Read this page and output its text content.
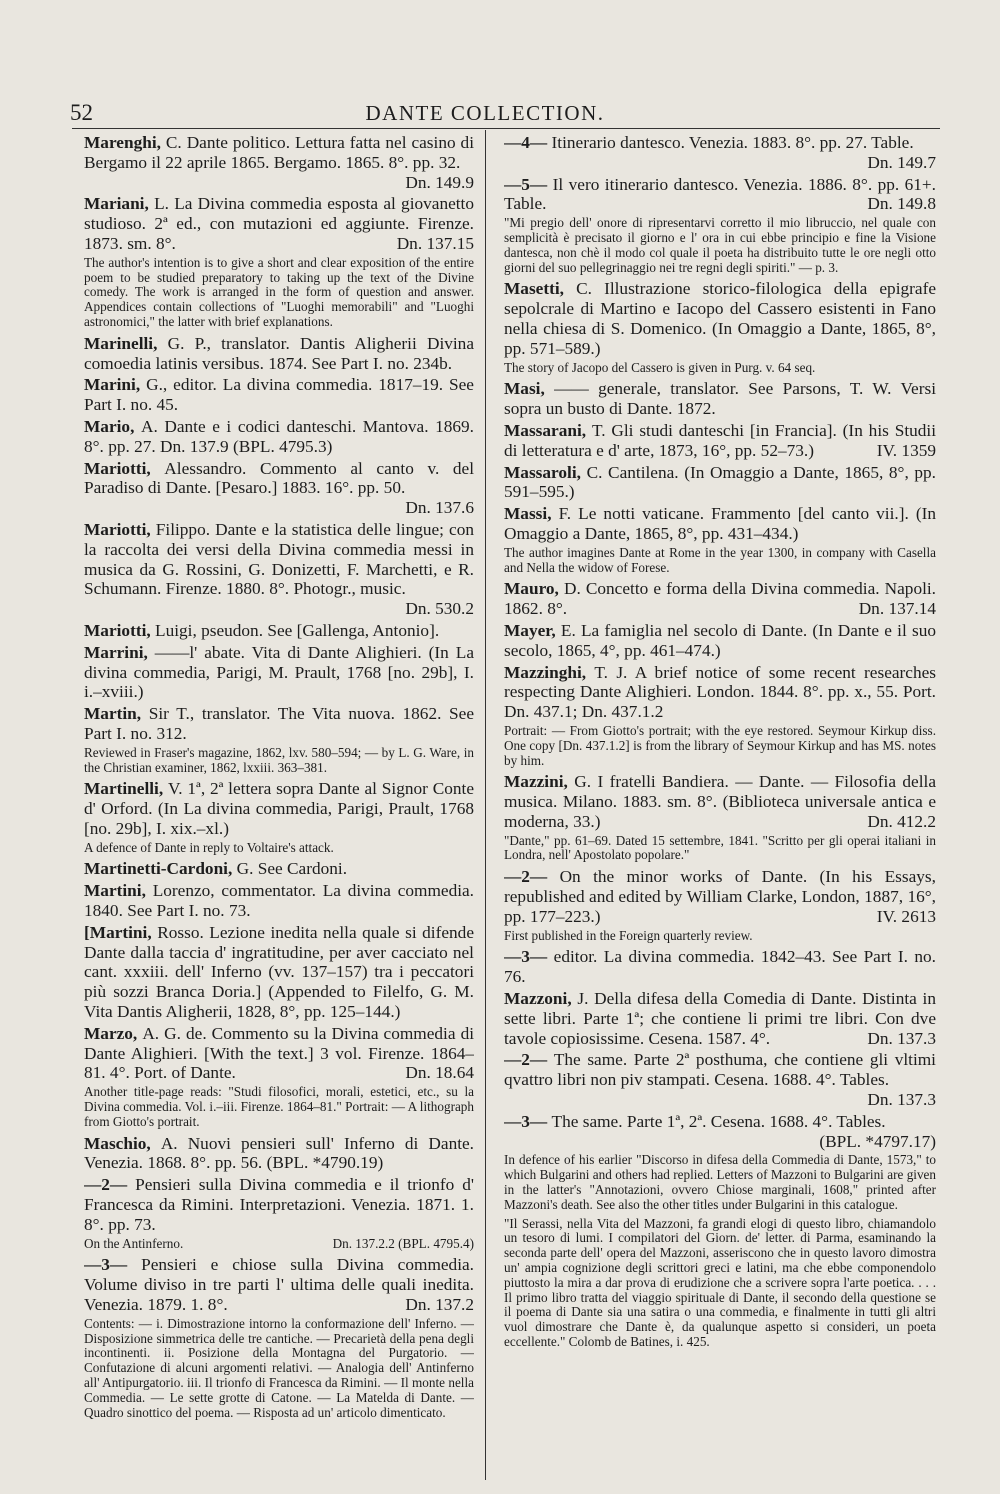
52	DANTE COLLECTION.
Marenghi, C. Dante politico. Lettura fatta nel casino di Bergamo il 22 aprile 1865. Bergamo. 1865. 8°. pp. 32.
Dn. 149.9
Mariani, L. La Divina commedia esposta al giovanetto studioso. 2ª ed., con mutazioni ed aggiunte. Firenze. 1873. sm. 8°.	Dn. 137.15
The author's intention is to give a short and clear exposition of the entire poem to be studied preparatory to taking up the text of the Divine comedy. The work is arranged in the form of question and answer. Appendices contain collections of "Luoghi memorabili" and "Luoghi astronomici," the latter with brief explanations.
Marinelli, G. P., translator. Dantis Aligherii Divina comoedia latinis versibus. 1874. See Part I. no. 234b.
Marini, G., editor. La divina commedia. 1817–19. See Part I. no. 45.
Mario, A. Dante e i codici danteschi. Mantova. 1869. 8°. pp. 27. Dn. 137.9 (BPL. 4795.3)
Mariotti, Alessandro. Commento al canto v. del Paradiso di Dante. [Pesaro.] 1883. 16°. pp. 50.
Dn. 137.6
Mariotti, Filippo. Dante e la statistica delle lingue; con la raccolta dei versi della Divina commedia messi in musica da G. Rossini, G. Donizetti, F. Marchetti, e R. Schumann. Firenze. 1880. 8°. Photogr., music.
Dn. 530.2
Mariotti, Luigi, pseudon. See [Gallenga, Antonio].
Marrini, ——l' abate. Vita di Dante Alighieri. (In La divina commedia, Parigi, M. Prault, 1768 [no. 29b], I. i.–xviii.)
Martin, Sir T., translator. The Vita nuova. 1862. See Part I. no. 312.
Reviewed in Fraser's magazine, 1862, lxv. 580–594; — by L. G. Ware, in the Christian examiner, 1862, lxxiii. 363–381.
Martinelli, V. 1ª, 2ª lettera sopra Dante al Signor Conte d' Orford. (In La divina commedia, Parigi, Prault, 1768 [no. 29b], I. xix.–xl.)
A defence of Dante in reply to Voltaire's attack.
Martinetti-Cardoni, G. See Cardoni.
Martini, Lorenzo, commentator. La divina commedia. 1840. See Part I. no. 73.
[Martini, Rosso. Lezione inedita nella quale si difende Dante dalla taccia d' ingratitudine, per aver cacciato nel cant. xxxiii. dell' Inferno (vv. 137–157) tra i peccatori più sozzi Branca Doria.] (Appended to Filelfo, G. M. Vita Dantis Aligherii, 1828, 8°, pp. 125–144.)
Marzo, A. G. de. Commento su la Divina commedia di Dante Alighieri. [With the text.] 3 vol. Firenze. 1864–81. 4°. Port. of Dante.	Dn. 18.64
Another title-page reads: "Studi filosofici, morali, estetici, etc., su la Divina commedia. Vol. i.–iii. Firenze. 1864–81." Portrait: — A lithograph from Giotto's portrait.
Maschio, A. Nuovi pensieri sull' Inferno di Dante. Venezia. 1868. 8°. pp. 56. (BPL. *4790.19)
—2— Pensieri sulla Divina commedia e il trionfo d' Francesca da Rimini. Interpretazioni. Venezia. 1871. 1. 8°. pp. 73.
On the Antinferno.	Dn. 137.2.2 (BPL. 4795.4)
—3— Pensieri e chiose sulla Divina commedia. Volume diviso in tre parti l' ultima delle quali inedita. Venezia. 1879. 1. 8°.	Dn. 137.2
Contents: — i. Dimostrazione intorno la conformazione dell' Inferno. — Disposizione simmetrica delle tre cantiche. — Precarietà della pena degli incontinenti. ii. Posizione della Montagna del Purgatorio. — Confutazione di alcuni argomenti relativi. — Analogia dell' Antinferno all' Antipurgatorio. iii. Il trionfo di Francesca da Rimini. — Il monte nella Commedia. — Le sette grotte di Catone. — La Matelda di Dante. — Quadro sinottico del poema. — Risposta ad un' articolo dimenticato.
—4— Itinerario dantesco. Venezia. 1883. 8°. pp. 27. Table.
Dn. 149.7
—5— Il vero itinerario dantesco. Venezia. 1886. 8°. pp. 61+. Table.	Dn. 149.8
"Mi pregio dell' onore di ripresentarvi corretto il mio libruccio, nel quale con semplicità è precisato il giorno e l' ora in cui ebbe principio e fine la Visione dantesca, non chè il modo col quale il poeta ha distribuito tutte le ore negli otto giorni del suo pellegrinaggio nei tre regni degli spiriti." — p. 3.
Masetti, C. Illustrazione storico-filologica della epigrafe sepolcrale di Martino e Iacopo del Cassero esistenti in Fano nella chiesa di S. Domenico. (In Omaggio a Dante, 1865, 8°, pp. 571–589.)
The story of Jacopo del Cassero is given in Purg. v. 64 seq.
Masi, —— generale, translator. See Parsons, T. W. Versi sopra un busto di Dante. 1872.
Massarani, T. Gli studi danteschi [in Francia]. (In his Studii di letteratura e d' arte, 1873, 16°, pp. 52–73.)	IV. 1359
Massaroli, C. Cantilena. (In Omaggio a Dante, 1865, 8°, pp. 591–595.)
Massi, F. Le notti vaticane. Frammento [del canto vii.]. (In Omaggio a Dante, 1865, 8°, pp. 431–434.)
The author imagines Dante at Rome in the year 1300, in company with Casella and Nella the widow of Forese.
Mauro, D. Concetto e forma della Divina commedia. Napoli. 1862. 8°.	Dn. 137.14
Mayer, E. La famiglia nel secolo di Dante. (In Dante e il suo secolo, 1865, 4°, pp. 461–474.)
Mazzinghi, T. J. A brief notice of some recent researches respecting Dante Alighieri. London. 1844. 8°. pp. x., 55. Port. Dn. 437.1; Dn. 437.1.2
Portrait: — From Giotto's portrait; with the eye restored. Seymour Kirkup diss. One copy [Dn. 437.1.2] is from the library of Seymour Kirkup and has MS. notes by him.
Mazzini, G. I fratelli Bandiera. — Dante. — Filosofia della musica. Milano. 1883. sm. 8°. (Biblioteca universale antica e moderna, 33.)	Dn. 412.2
"Dante," pp. 61–69. Dated 15 settembre, 1841. "Scritto per gli operai italiani in Londra, nell' Apostolato popolare."
—2— On the minor works of Dante. (In his Essays, republished and edited by William Clarke, London, 1887, 16°, pp. 177–223.)	IV. 2613
First published in the Foreign quarterly review.
—3— editor. La divina commedia. 1842–43. See Part I. no. 76.
Mazzoni, J. Della difesa della Comedia di Dante. Distinta in sette libri. Parte 1ª; che contiene li primi tre libri. Con dve tavole copiosissime. Cesena. 1587. 4°.	Dn. 137.3
—2— The same. Parte 2ª posthuma, che contiene gli vltimi qvattro libri non piv stampati. Cesena. 1688. 4°. Tables.
Dn. 137.3
—3— The same. Parte 1ª, 2ª. Cesena. 1688. 4°. Tables.
(BPL. *4797.17)
In defence of his earlier "Discorso in difesa della Commedia di Dante, 1573," to which Bulgarini and others had replied. Letters of Mazzoni to Bulgarini are given in the latter's "Annotazioni, ovvero Chiose marginali, 1608," printed after Mazzoni's death. See also the other titles under Bulgarini in this catalogue.
"Il Serassi, nella Vita del Mazzoni, fa grandi elogi di questo libro, chiamandolo un tesoro di lumi. I compilatori del Giorn. de' letter. di Parma, esaminando la seconda parte dell' opera del Mazzoni, asseriscono che in questo lavoro dimostra un' ampia cognizione degli scrittori greci e latini, ma che ebbe componendolo piuttosto la mira a dar prova di erudizione che a scrivere sopra l'arte poetica. . . . Il primo libro tratta del viaggio spirituale di Dante, il secondo della questione se il poema di Dante sia una satira o una commedia, e finalmente in tutti gli altri vuol dimostrare che Dante è, da qualunque aspetto si consideri, un poeta eccellente." Colomb de Batines, i. 425.
